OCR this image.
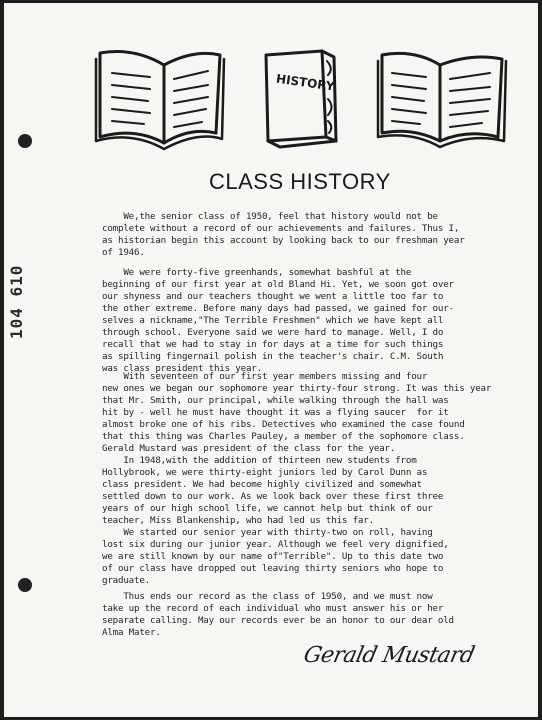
HISTORY
104 610
CLASS HISTORY
We,the senior class of 1950, feel that history would not be
complete without a record of our achievements and failures. Thus I,
as historian begin this account by looking back to our freshman year
of 1946.
We were forty-five greenhands, somewhat bashful at the
beginning of our first year at old Bland Hi. Yet, we soon got over
our shyness and our teachers thought we went a little too far to
the other extreme. Before many days had passed, we gained for our-
selves a nickname,"The Terrible Freshmen" which we have kept all
through school. Everyone said we were hard to manage. Well, I do
recall that we had to stay in for days at a time for such things
as spilling fingernail polish in the teacher's chair. C.M. South
was class president this year.
With seventeen of our first year members missing and four
new ones we began our sophomore year thirty-four strong. It was this year
that Mr. Smith, our principal, while walking through the hall was
hit by - well he must have thought it was a flying saucer  for it
almost broke one of his ribs. Detectives who examined the case found
that this thing was Charles Pauley, a member of the sophomore class.
Gerald Mustard was president of the class for the year.
In 1948,with the addition of thirteen new students from
Hollybrook, we were thirty-eight juniors led by Carol Dunn as
class president. We had become highly civilized and somewhat
settled down to our work. As we look back over these first three
years of our high school life, we cannot help but think of our
teacher, Miss Blankenship, who had led us this far.
We started our senior year with thirty-two on roll, having
lost six during our junior year. Although we feel very dignified,
we are still known by our name of"Terrible". Up to this date two
of our class have dropped out leaving thirty seniors who hope to
graduate.
Thus ends our record as the class of 1950, and we must now
take up the record of each individual who must answer his or her
separate calling. May our records ever be an honor to our dear old
Alma Mater.
Gerald Mustard
